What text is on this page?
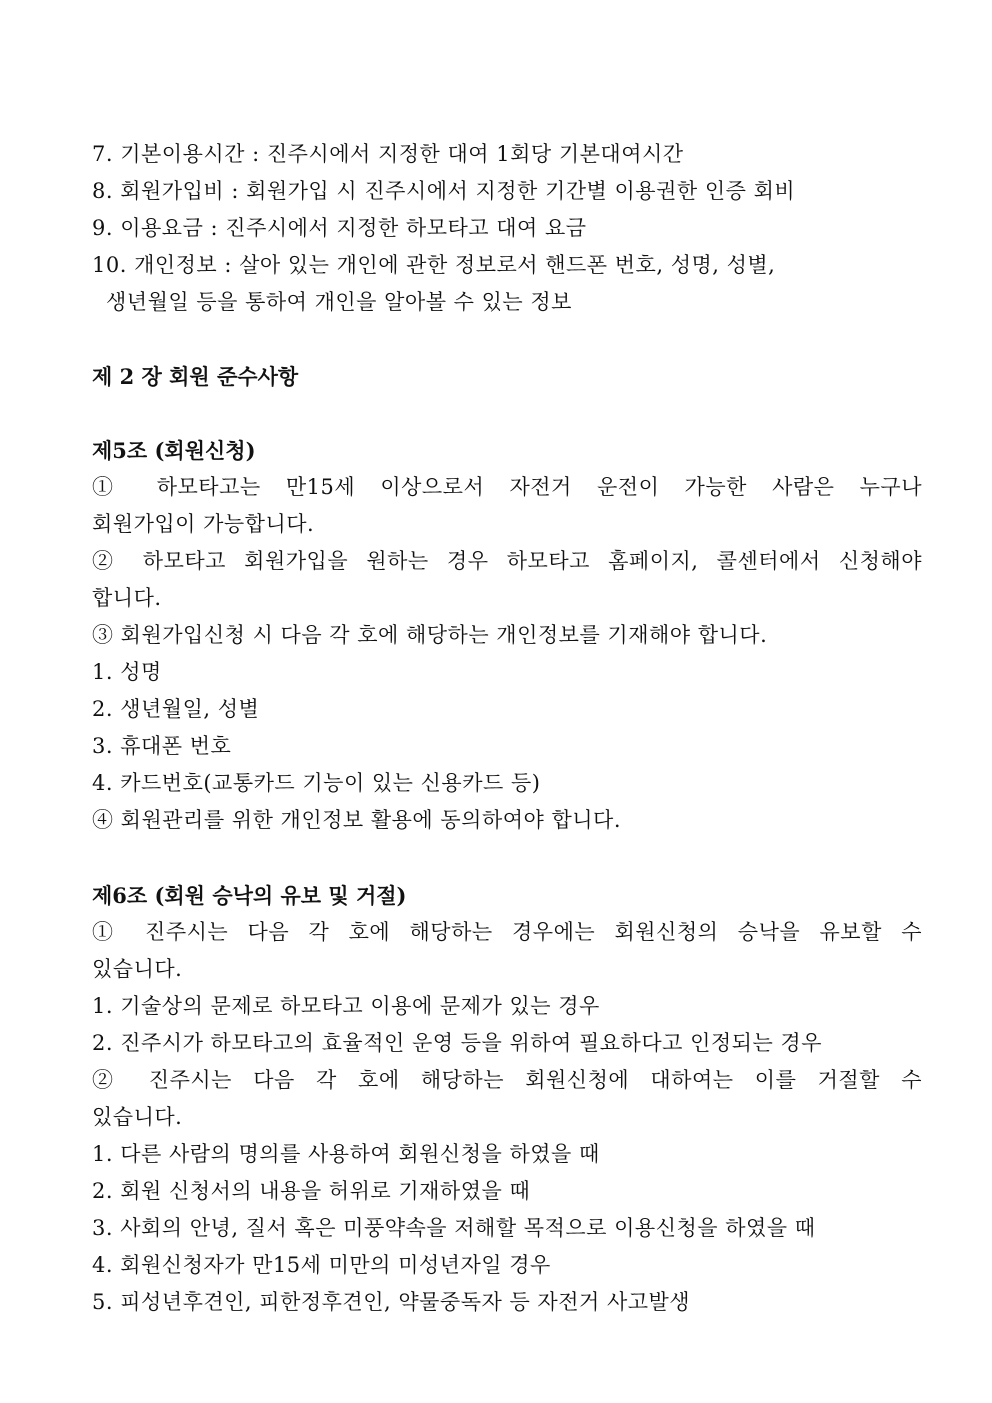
7. 기본이용시간 : 진주시에서 지정한 대여 1회당 기본대여시간
8. 회원가입비 : 회원가입 시 진주시에서 지정한 기간별 이용권한 인증 회비
9. 이용요금 : 진주시에서 지정한 하모타고 대여 요금
10. 개인정보 : 살아 있는 개인에 관한 정보로서 핸드폰 번호, 성명, 성별,
생년월일 등을 통하여 개인을 알아볼 수 있는 정보
제 2 장 회원 준수사항
제5조 (회원신청)
① 하모타고는 만15세 이상으로서 자전거 운전이 가능한 사람은 누구나
회원가입이 가능합니다.
② 하모타고 회원가입을 원하는 경우 하모타고 홈페이지, 콜센터에서 신청해야
합니다.
③ 회원가입신청 시 다음 각 호에 해당하는 개인정보를 기재해야 합니다.
1. 성명
2. 생년월일, 성별
3. 휴대폰 번호
4. 카드번호(교통카드 기능이 있는 신용카드 등)
④ 회원관리를 위한 개인정보 활용에 동의하여야 합니다.
제6조 (회원 승낙의 유보 및 거절)
① 진주시는 다음 각 호에 해당하는 경우에는 회원신청의 승낙을 유보할 수
있습니다.
1. 기술상의 문제로 하모타고 이용에 문제가 있는 경우
2. 진주시가 하모타고의 효율적인 운영 등을 위하여 필요하다고 인정되는 경우
② 진주시는 다음 각 호에 해당하는 회원신청에 대하여는 이를 거절할 수
있습니다.
1. 다른 사람의 명의를 사용하여 회원신청을 하였을 때
2. 회원 신청서의 내용을 허위로 기재하였을 때
3. 사회의 안녕, 질서 혹은 미풍약속을 저해할 목적으로 이용신청을 하였을 때
4. 회원신청자가 만15세 미만의 미성년자일 경우
5. 피성년후견인, 피한정후견인, 약물중독자 등 자전거 사고발생
